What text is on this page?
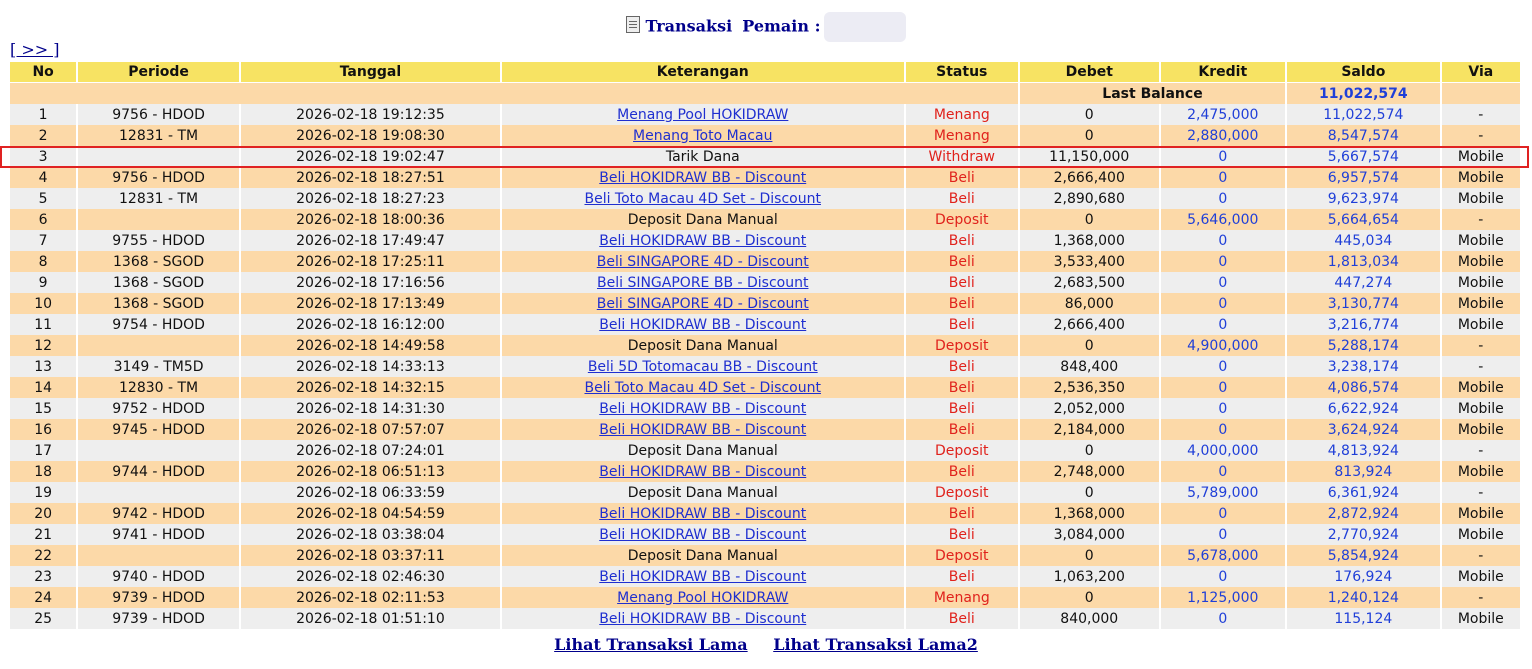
Transaksi Pemain :
[ >> ]
No	Periode	Tanggal	Keterangan	Status	Debet	Kredit	Saldo	Via
					Last Balance		11,022,574	
1	9756 - HDOD	2026-02-18 19:12:35	Menang Pool HOKIDRAW	Menang	0	2,475,000	11,022,574	-
2	12831 - TM	2026-02-18 19:08:30	Menang Toto Macau	Menang	0	2,880,000	8,547,574	-
3		2026-02-18 19:02:47	Tarik Dana	Withdraw	11,150,000	0	5,667,574	Mobile
4	9756 - HDOD	2026-02-18 18:27:51	Beli HOKIDRAW BB - Discount	Beli	2,666,400	0	6,957,574	Mobile
5	12831 - TM	2026-02-18 18:27:23	Beli Toto Macau 4D Set - Discount	Beli	2,890,680	0	9,623,974	Mobile
6		2026-02-18 18:00:36	Deposit Dana Manual	Deposit	0	5,646,000	5,664,654	-
7	9755 - HDOD	2026-02-18 17:49:47	Beli HOKIDRAW BB - Discount	Beli	1,368,000	0	445,034	Mobile
8	1368 - SGOD	2026-02-18 17:25:11	Beli SINGAPORE 4D - Discount	Beli	3,533,400	0	1,813,034	Mobile
9	1368 - SGOD	2026-02-18 17:16:56	Beli SINGAPORE BB - Discount	Beli	2,683,500	0	447,274	Mobile
10	1368 - SGOD	2026-02-18 17:13:49	Beli SINGAPORE 4D - Discount	Beli	86,000	0	3,130,774	Mobile
11	9754 - HDOD	2026-02-18 16:12:00	Beli HOKIDRAW BB - Discount	Beli	2,666,400	0	3,216,774	Mobile
12		2026-02-18 14:49:58	Deposit Dana Manual	Deposit	0	4,900,000	5,288,174	-
13	3149 - TM5D	2026-02-18 14:33:13	Beli 5D Totomacau BB - Discount	Beli	848,400	0	3,238,174	-
14	12830 - TM	2026-02-18 14:32:15	Beli Toto Macau 4D Set - Discount	Beli	2,536,350	0	4,086,574	Mobile
15	9752 - HDOD	2026-02-18 14:31:30	Beli HOKIDRAW BB - Discount	Beli	2,052,000	0	6,622,924	Mobile
16	9745 - HDOD	2026-02-18 07:57:07	Beli HOKIDRAW BB - Discount	Beli	2,184,000	0	3,624,924	Mobile
17		2026-02-18 07:24:01	Deposit Dana Manual	Deposit	0	4,000,000	4,813,924	-
18	9744 - HDOD	2026-02-18 06:51:13	Beli HOKIDRAW BB - Discount	Beli	2,748,000	0	813,924	Mobile
19		2026-02-18 06:33:59	Deposit Dana Manual	Deposit	0	5,789,000	6,361,924	-
20	9742 - HDOD	2026-02-18 04:54:59	Beli HOKIDRAW BB - Discount	Beli	1,368,000	0	2,872,924	Mobile
21	9741 - HDOD	2026-02-18 03:38:04	Beli HOKIDRAW BB - Discount	Beli	3,084,000	0	2,770,924	Mobile
22		2026-02-18 03:37:11	Deposit Dana Manual	Deposit	0	5,678,000	5,854,924	-
23	9740 - HDOD	2026-02-18 02:46:30	Beli HOKIDRAW BB - Discount	Beli	1,063,200	0	176,924	Mobile
24	9739 - HDOD	2026-02-18 02:11:53	Menang Pool HOKIDRAW	Menang	0	1,125,000	1,240,124	-
25	9739 - HDOD	2026-02-18 01:51:10	Beli HOKIDRAW BB - Discount	Beli	840,000	0	115,124	Mobile
Lihat Transaksi Lama Lihat Transaksi Lama2
